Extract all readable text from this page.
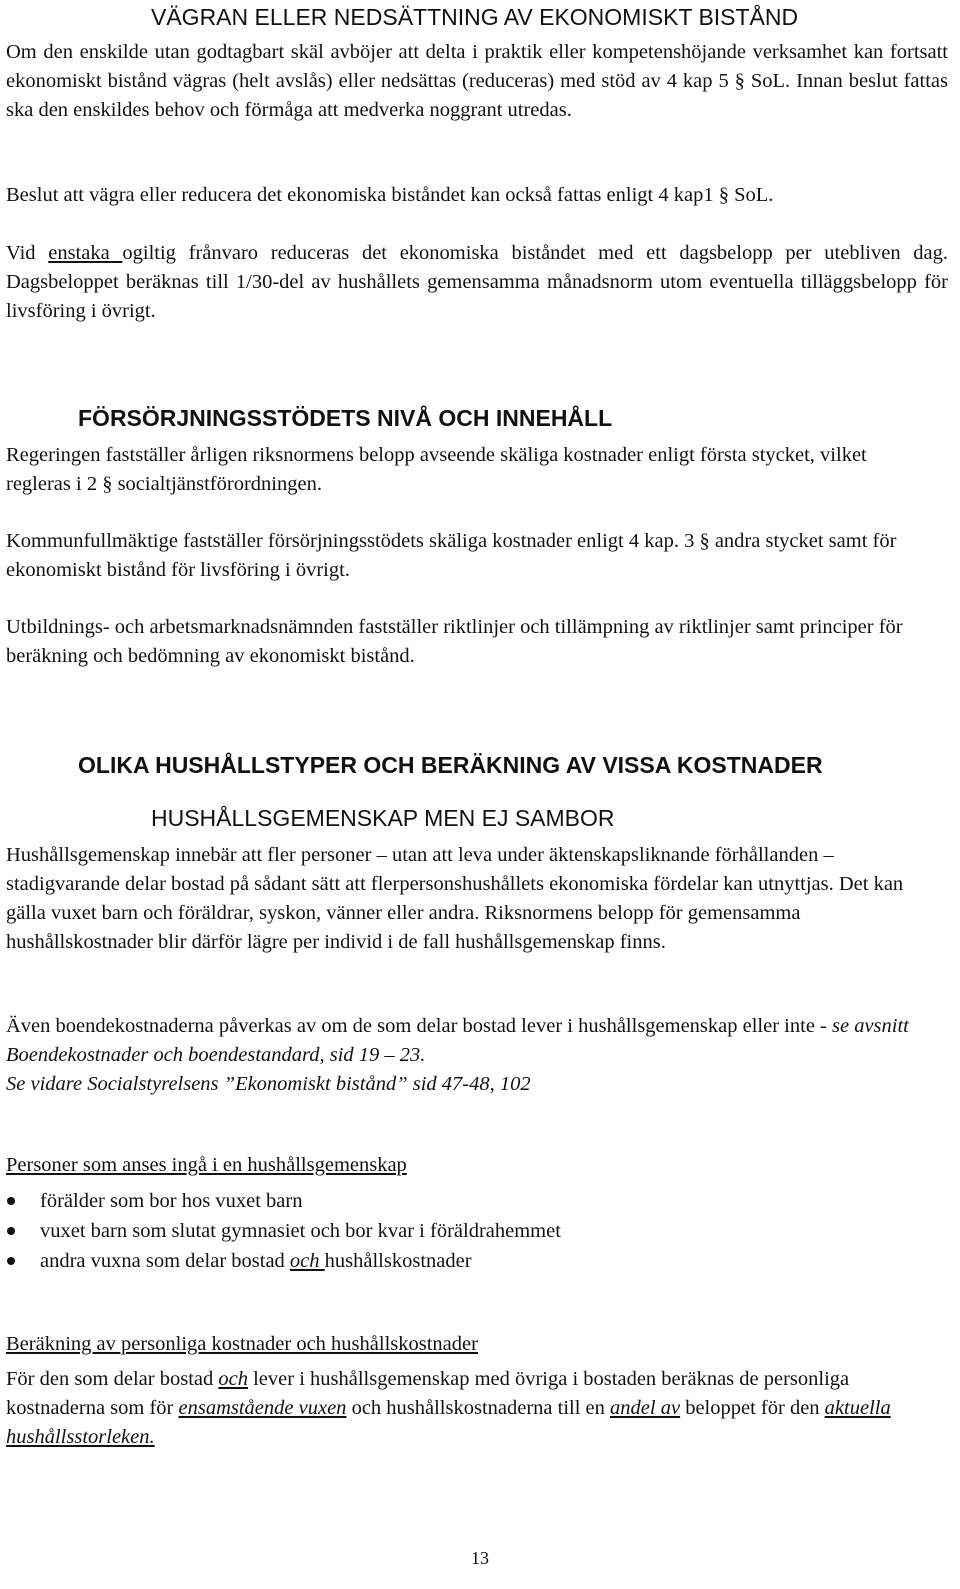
VÄGRAN ELLER NEDSÄTTNING AV EKONOMISKT BISTÅND

Om den enskilde utan godtagbart skäl avböjer att delta i praktik eller kompetenshöjande verksamhet kan fortsatt ekonomiskt bistånd vägras (helt avslås) eller nedsättas (reduceras) med stöd av 4 kap 5 § SoL. Innan beslut fattas ska den enskildes behov och förmåga att medverka noggrant utredas.

Beslut att vägra eller reducera det ekonomiska biståndet kan också fattas enligt 4 kap1 § SoL.

Vid enstaka ogiltig frånvaro reduceras det ekonomiska biståndet med ett dagsbelopp per utebliven dag. Dagsbeloppet beräknas till 1/30-del av hushållets gemensamma månadsnorm utom eventuella tilläggsbelopp för livsföring i övrigt.

FÖRSÖRJNINGSSTÖDETS NIVÅ OCH INNEHÅLL

Regeringen fastställer årligen riksnormens belopp avseende skäliga kostnader enligt första stycket, vilket regleras i 2 § socialtjänstförordningen.

Kommunfullmäktige fastställer försörjningsstödets skäliga kostnader enligt 4 kap. 3 § andra stycket samt för ekonomiskt bistånd för livsföring i övrigt.

Utbildnings- och arbetsmarknadsnämnden fastställer riktlinjer och tillämpning av riktlinjer samt principer för beräkning och bedömning av ekonomiskt bistånd.

OLIKA HUSHÅLLSTYPER OCH BERÄKNING AV VISSA KOSTNADER
HUSHÅLLSGEMENSKAP MEN EJ SAMBOR

Hushållsgemenskap innebär att fler personer – utan att leva under äktenskapsliknande förhållanden – stadigvarande delar bostad på sådant sätt att flerpersonshushållets ekonomiska fördelar kan utnyttjas. Det kan gälla vuxet barn och föräldrar, syskon, vänner eller andra. Riksnormens belopp för gemensamma hushållskostnader blir därför lägre per individ i de fall hushållsgemenskap finns.

Även boendekostnaderna påverkas av om de som delar bostad lever i hushållsgemenskap eller inte - se avsnitt Boendekostnader och boendestandard, sid 19 – 23.
Se vidare Socialstyrelsens ”Ekonomiskt bistånd” sid 47-48, 102

Personer som anses ingå i en hushållsgemenskap
förälder som bor hos vuxet barn
vuxet barn som slutat gymnasiet och bor kvar i föräldrahemmet
andra vuxna som delar bostad och hushållskostnader
Beräkning av personliga kostnader och hushållskostnader

För den som delar bostad och lever i hushållsgemenskap med övriga i bostaden beräknas de personliga kostnaderna som för ensamstående vuxen och hushållskostnaderna till en andel av beloppet för den aktuella hushållsstorleken.

13
